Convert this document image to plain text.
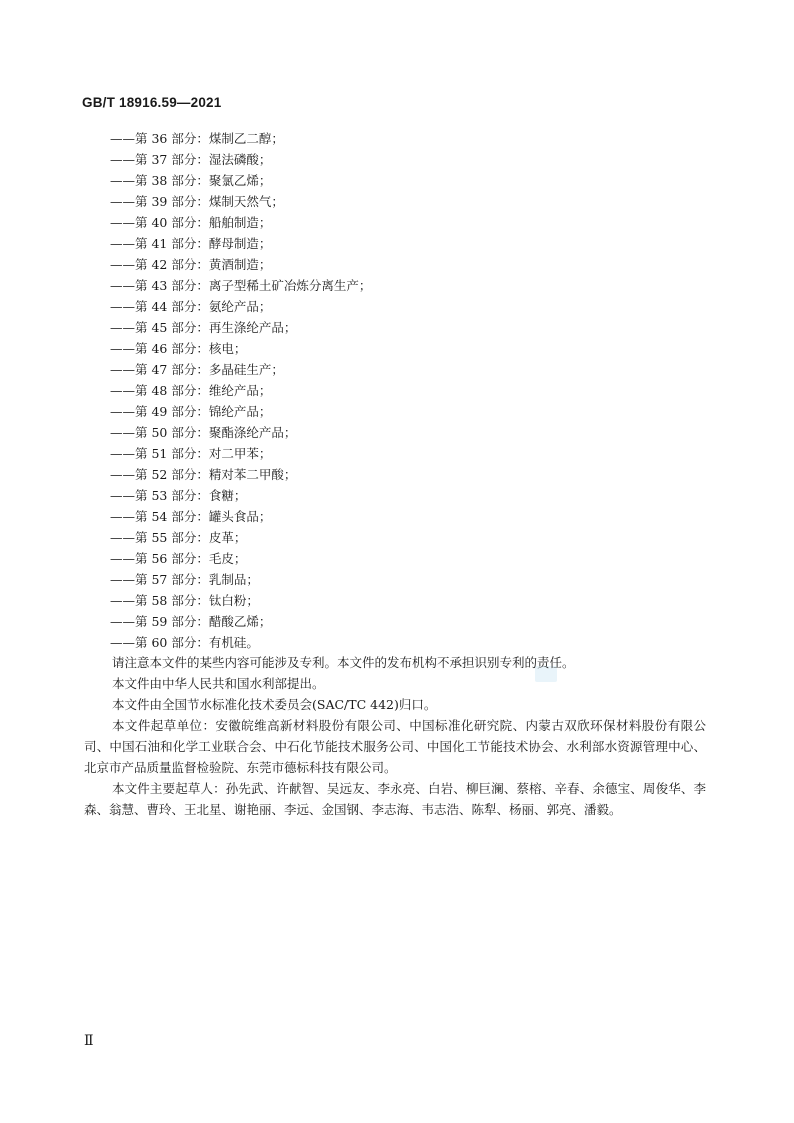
GB/T 18916.59—2021
——第 36 部分：煤制乙二醇；
——第 37 部分：湿法磷酸；
——第 38 部分：聚氯乙烯；
——第 39 部分：煤制天然气；
——第 40 部分：船舶制造；
——第 41 部分：酵母制造；
——第 42 部分：黄酒制造；
——第 43 部分：离子型稀土矿冶炼分离生产；
——第 44 部分：氨纶产品；
——第 45 部分：再生涤纶产品；
——第 46 部分：核电；
——第 47 部分：多晶硅生产；
——第 48 部分：维纶产品；
——第 49 部分：锦纶产品；
——第 50 部分：聚酯涤纶产品；
——第 51 部分：对二甲苯；
——第 52 部分：精对苯二甲酸；
——第 53 部分：食糖；
——第 54 部分：罐头食品；
——第 55 部分：皮革；
——第 56 部分：毛皮；
——第 57 部分：乳制品；
——第 58 部分：钛白粉；
——第 59 部分：醋酸乙烯；
——第 60 部分：有机硅。

请注意本文件的某些内容可能涉及专利。本文件的发布机构不承担识别专利的责任。

本文件由中华人民共和国水利部提出。

本文件由全国节水标准化技术委员会(SAC/TC 442)归口。

本文件起草单位：安徽皖维高新材料股份有限公司、中国标准化研究院、内蒙古双欣环保材料股份有限公司、中国石油和化学工业联合会、中石化节能技术服务公司、中国化工节能技术协会、水利部水资源管理中心、北京市产品质量监督检验院、东莞市德标科技有限公司。

本文件主要起草人：孙先武、许献智、吴远友、李永亮、白岩、柳巨澜、蔡榕、辛春、余德宝、周俊华、李森、翁慧、曹玲、王北星、谢艳丽、李远、金国钢、李志海、韦志浩、陈犁、杨丽、郭亮、潘毅。

Ⅱ
